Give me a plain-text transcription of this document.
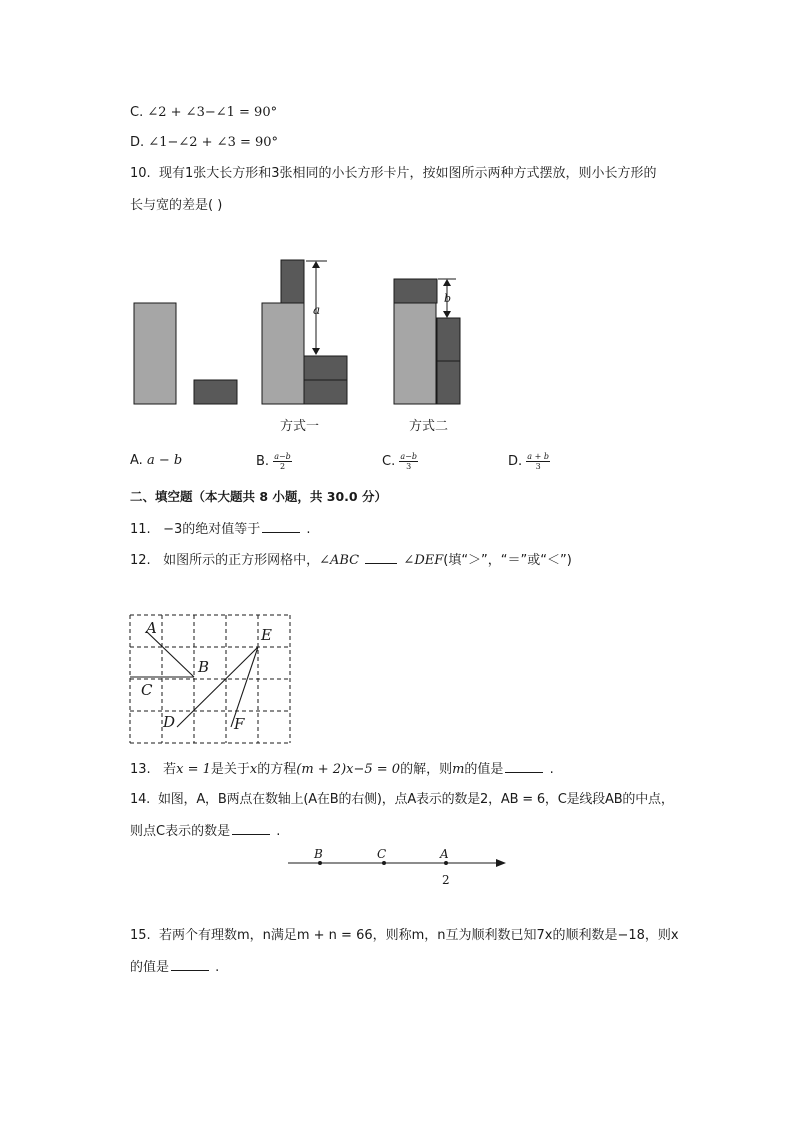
C. ∠2 + ∠3−∠1 = 90°
D. ∠1−∠2 + ∠3 = 90°
10. 现有1张大长方形和3张相同的小长方形卡片，按如图所示两种方式摆放，则小长方形的
长与宽的差是( )
a
b
方式一	方式二
A. a − b	B. $\frac{a-b}{2}$	C. $\frac{a-b}{3}$	D. $\frac{a + b}{3}$
二、填空题（本大题共 8 小题，共 30.0 分）
11. −3的绝对值等于	.
12. 如图所示的正方形网格中，∠ABC	∠DEF(填“＞”，“＝”或“＜”)
A
B
C
D
E
F
13. 若x = 1是关于x的方程(m + 2)x−5 = 0的解，则m的值是	.
14. 如图，A，B两点在数轴上(A在B的右侧)，点A表示的数是2，AB = 6，C是线段AB的中点，
则点C表示的数是	.
B	C	A
2
15. 若两个有理数m，n满足m + n = 66，则称m，n互为顺利数已知7x的顺利数是−18，则x
的值是	.
